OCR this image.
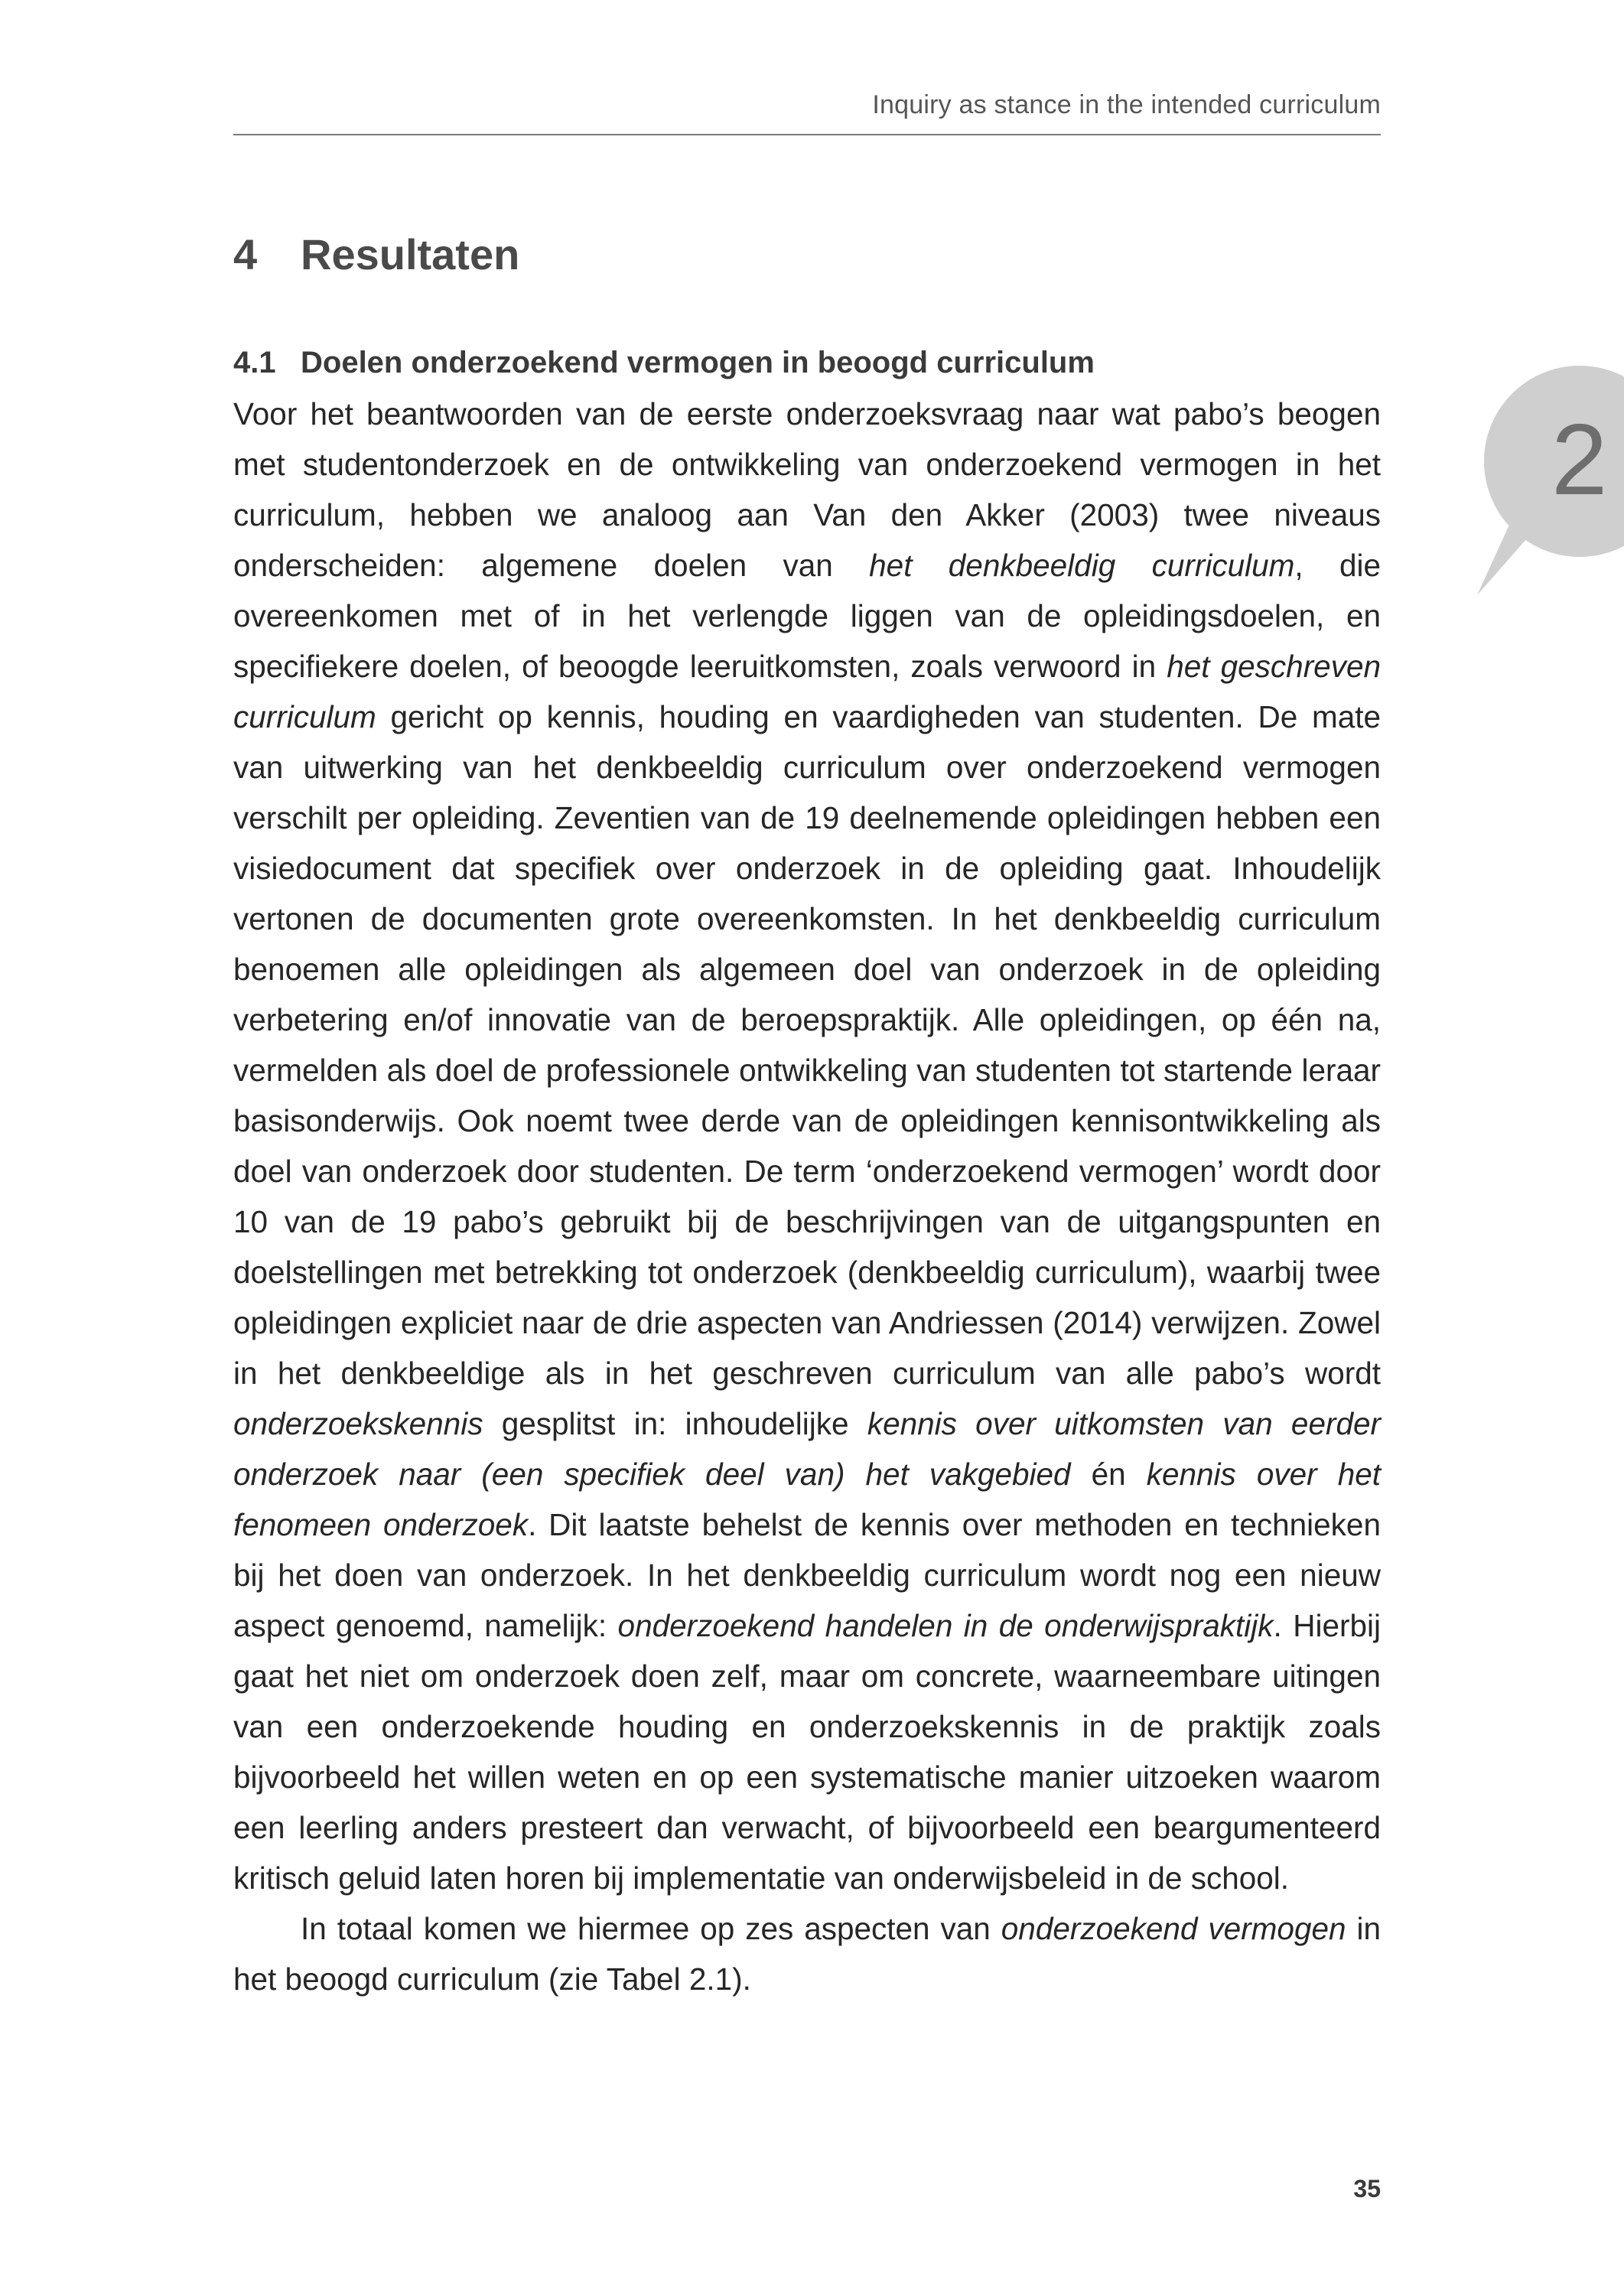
Inquiry as stance in the intended curriculum
2
4 Resultaten
4.1 Doelen onderzoekend vermogen in beoogd curriculum

Voor het beantwoorden van de eerste onderzoeksvraag naar wat pabo’s beogen met studentonderzoek en de ontwikkeling van onderzoekend vermogen in het curriculum, hebben we analoog aan Van den Akker (2003) twee niveaus onderscheiden: algemene doelen van het denkbeeldig curriculum, die overeenkomen met of in het verlengde liggen van de opleidingsdoelen, en specifiekere doelen, of beoogde leeruitkomsten, zoals verwoord in het geschreven curriculum gericht op kennis, houding en vaardigheden van studenten. De mate van uitwerking van het denkbeeldig curriculum over onderzoekend vermogen verschilt per opleiding. Zeventien van de 19 deelnemende opleidingen hebben een visiedocument dat specifiek over onderzoek in de opleiding gaat. Inhoudelijk vertonen de documenten grote overeenkomsten. In het denkbeeldig curriculum benoemen alle opleidingen als algemeen doel van onderzoek in de opleiding verbetering en/of innovatie van de beroepspraktijk. Alle opleidingen, op één na, vermelden als doel de professionele ontwikkeling van studenten tot startende leraar basisonderwijs. Ook noemt twee derde van de opleidingen kennisontwikkeling als doel van onderzoek door studenten. De term ‘onderzoekend vermogen’ wordt door 10 van de 19 pabo’s gebruikt bij de beschrijvingen van de uitgangspunten en doelstellingen met betrekking tot onderzoek (denkbeeldig curriculum), waarbij twee opleidingen expliciet naar de drie aspecten van Andriessen (2014) verwijzen. Zowel in het denkbeeldige als in het geschreven curriculum van alle pabo’s wordt onderzoekskennis gesplitst in: inhoudelijke kennis over uitkomsten van eerder onderzoek naar (een specifiek deel van) het vakgebied én kennis over het fenomeen onderzoek. Dit laatste behelst de kennis over methoden en technieken bij het doen van onderzoek. In het denkbeeldig curriculum wordt nog een nieuw aspect genoemd, namelijk: onderzoekend handelen in de onderwijspraktijk. Hierbij gaat het niet om onderzoek doen zelf, maar om concrete, waarneembare uitingen van een onderzoekende houding en onderzoekskennis in de praktijk zoals bijvoorbeeld het willen weten en op een systematische manier uitzoeken waarom een leerling anders presteert dan verwacht, of bijvoorbeeld een beargumenteerd kritisch geluid laten horen bij implementatie van onderwijsbeleid in de school.

In totaal komen we hiermee op zes aspecten van onderzoekend vermogen in het beoogd curriculum (zie Tabel 2.1).

35
